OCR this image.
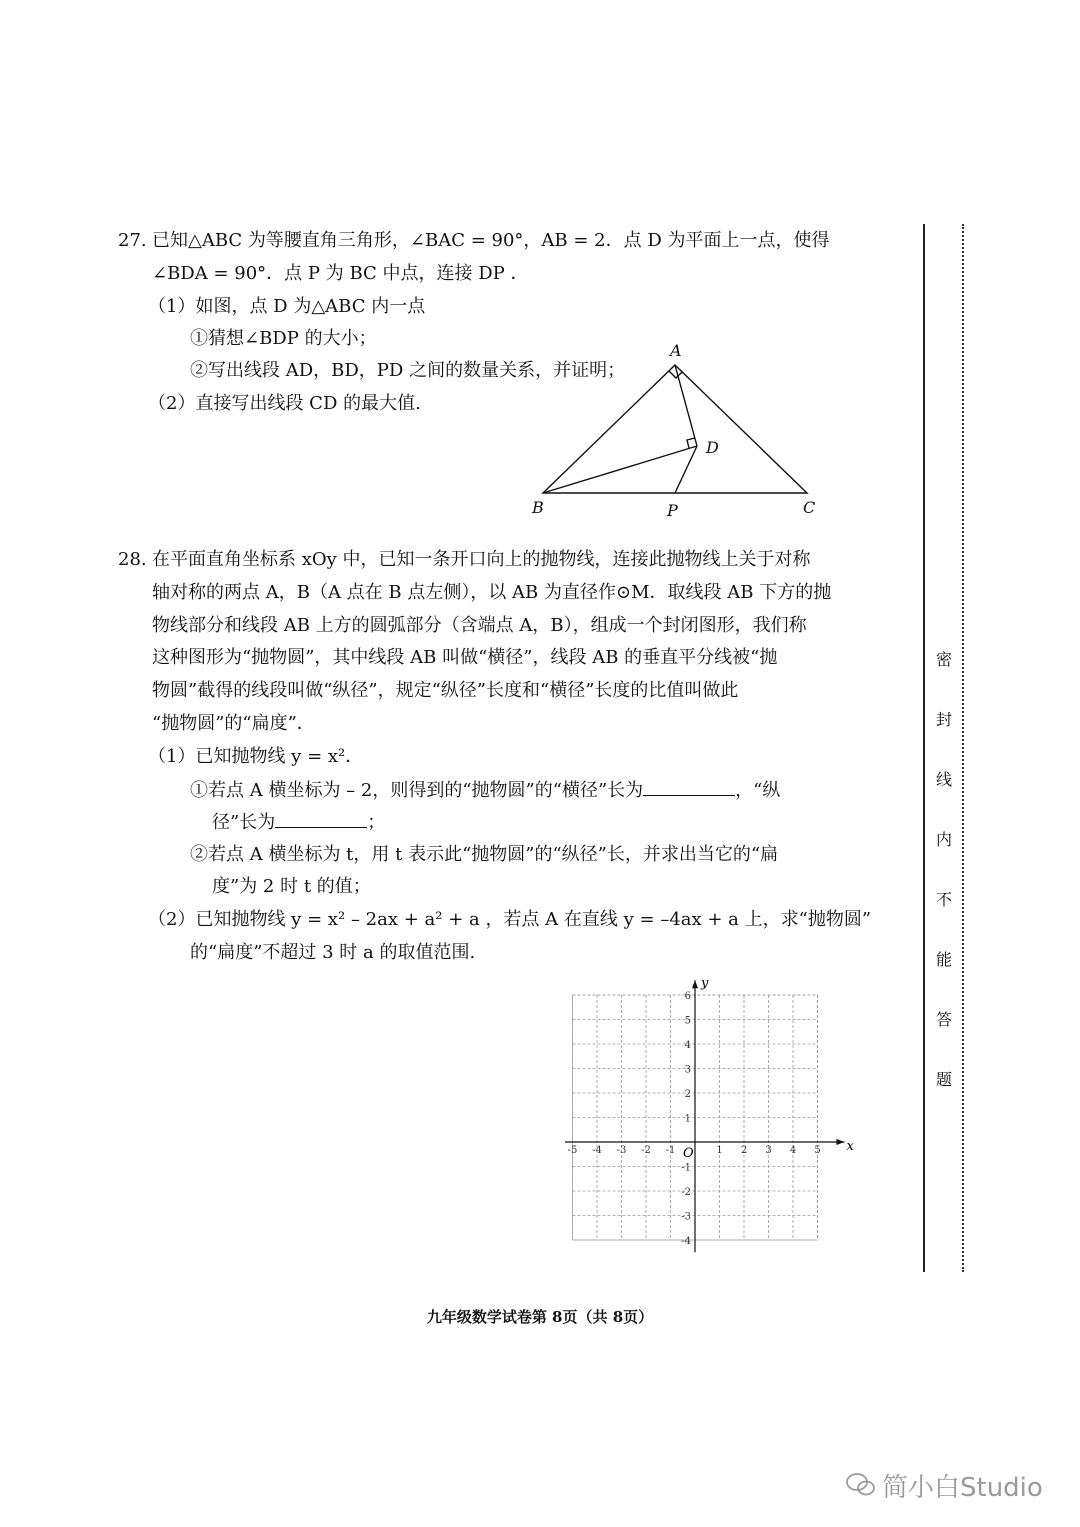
27. 已知△ABC 为等腰直角三角形，∠BAC = 90°，AB = 2．点 D 为平面上一点，使得
∠BDA = 90°．点 P 为 BC 中点，连接 DP ．
（1）如图，点 D 为△ABC 内一点
①猜想∠BDP 的大小；
②写出线段 AD，BD，PD 之间的数量关系，并证明；
（2）直接写出线段 CD 的最大值.
A
B	C
D
P
28. 在平面直角坐标系 xOy 中，已知一条开口向上的抛物线，连接此抛物线上关于对称
轴对称的两点 A，B（A 点在 B 点左侧），以 AB 为直径作⊙M．取线段 AB 下方的抛
物线部分和线段 AB 上方的圆弧部分（含端点 A，B），组成一个封闭图形，我们称
这种图形为“抛物圆”，其中线段 AB 叫做“横径”，线段 AB 的垂直平分线被“抛
物圆”截得的线段叫做“纵径”，规定“纵径”长度和“横径”长度的比值叫做此
“抛物圆”的“扁度”．
（1）已知抛物线 y = x²．
①若点 A 横坐标为 – 2，则得到的“抛物圆”的“横径”长为	，“纵
径”长为	；
②若点 A 横坐标为 t，用 t 表示此“抛物圆”的“纵径”长，并求出当它的“扁
度”为 2 时 t 的值；
（2）已知抛物线 y = x² – 2ax + a² + a ，若点 A 在直线 y = –4ax + a 上，求“抛物圆”
的“扁度”不超过 3 时 a 的取值范围.
x
y
O
-5 -4 -3 -2 -1	1 2 3 4 5
6
5
4
3
2
1
-1
-2
-3
-4
密
封
线
内
不
能
答
题
九年级数学试卷第 8页（共 8页）
简小白Studio
